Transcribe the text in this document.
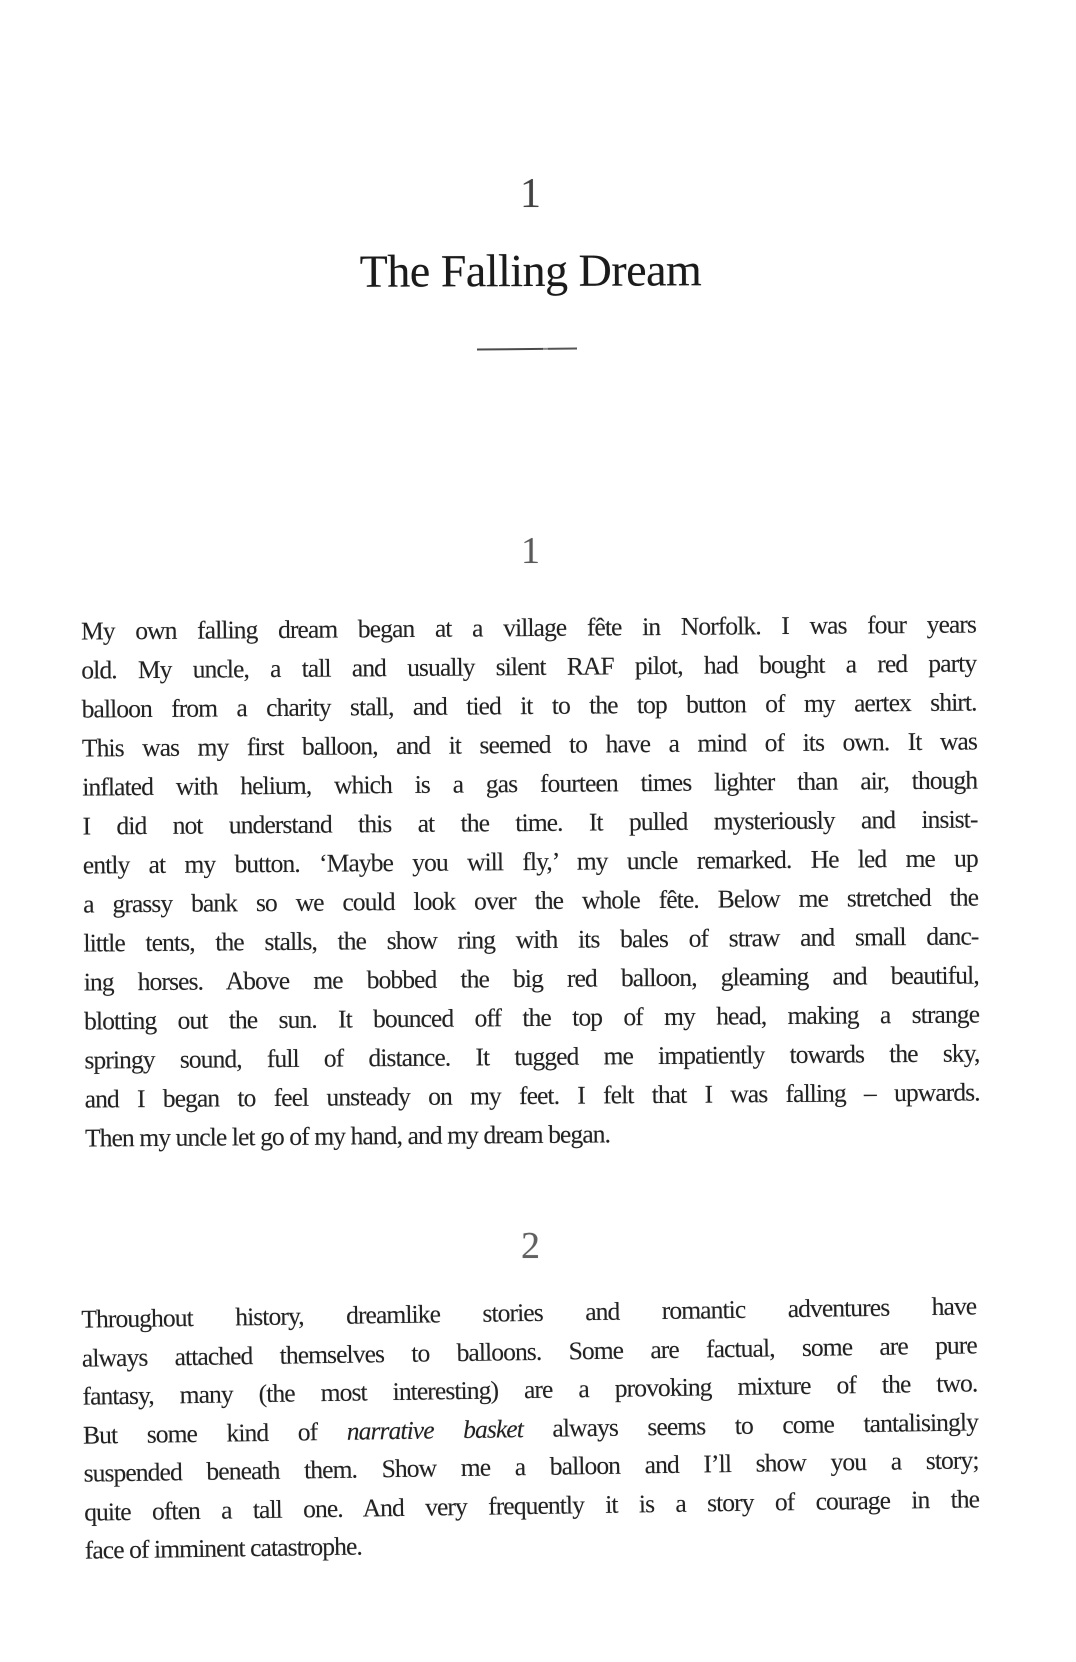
1
The Falling Dream
1
My own falling dream began at a village fête in Norfolk. I was four years
old. My uncle, a tall and usually silent RAF pilot, had bought a red party
balloon from a charity stall, and tied it to the top button of my aertex shirt.
This was my first balloon, and it seemed to have a mind of its own. It was
inflated with helium, which is a gas fourteen times lighter than air, though
I did not understand this at the time. It pulled mysteriously and insist-
ently at my button. ‘Maybe you will fly,’ my uncle remarked. He led me up
a grassy bank so we could look over the whole fête. Below me stretched the
little tents, the stalls, the show ring with its bales of straw and small danc-
ing horses. Above me bobbed the big red balloon, gleaming and beautiful,
blotting out the sun. It bounced off the top of my head, making a strange
springy sound, full of distance. It tugged me impatiently towards the sky,
and I began to feel unsteady on my feet. I felt that I was falling – upwards.
Then my uncle let go of my hand, and my dream began.
2
Throughout history, dreamlike stories and romantic adventures have
always attached themselves to balloons. Some are factual, some are pure
fantasy, many (the most interesting) are a provoking mixture of the two.
But some kind of narrative basket always seems to come tantalisingly
suspended beneath them. Show me a balloon and I’ll show you a story;
quite often a tall one. And very frequently it is a story of courage in the
face of imminent catastrophe.
